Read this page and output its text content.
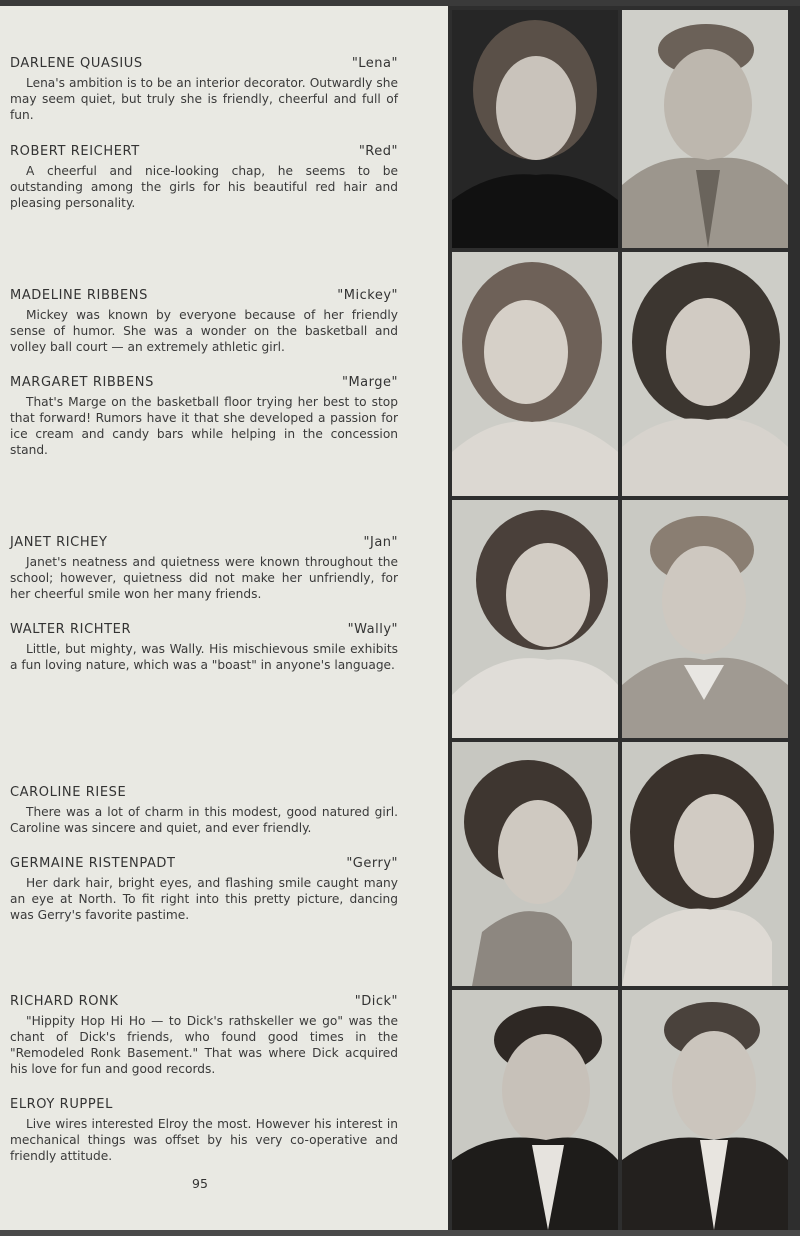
DARLENE QUASIUS	"Lena"

Lena's ambition is to be an interior decorator. Outwardly she may seem quiet, but truly she is friendly, cheerful and full of fun.

ROBERT REICHERT	"Red"

A cheerful and nice-looking chap, he seems to be outstanding among the girls for his beautiful red hair and pleasing personality.

MADELINE RIBBENS	"Mickey"

Mickey was known by everyone because of her friendly sense of humor. She was a wonder on the basketball and volley ball court — an extremely athletic girl.

MARGARET RIBBENS	"Marge"

That's Marge on the basketball floor trying her best to stop that forward! Rumors have it that she developed a passion for ice cream and candy bars while helping in the concession stand.

JANET RICHEY	"Jan"

Janet's neatness and quietness were known throughout the school; however, quietness did not make her unfriendly, for her cheerful smile won her many friends.

WALTER RICHTER	"Wally"

Little, but mighty, was Wally. His mischievous smile exhibits a fun loving nature, which was a "boast" in anyone's language.

CAROLINE RIESE

There was a lot of charm in this modest, good natured girl. Caroline was sincere and quiet, and ever friendly.

GERMAINE RISTENPADT	"Gerry"

Her dark hair, bright eyes, and flashing smile caught many an eye at North. To fit right into this pretty picture, dancing was Gerry's favorite pastime.

RICHARD RONK	"Dick"

"Hippity Hop Hi Ho — to Dick's rathskeller we go" was the chant of Dick's friends, who found good times in the "Remodeled Ronk Basement." That was where Dick acquired his love for fun and good records.

ELROY RUPPEL

Live wires interested Elroy the most. However his interest in mechanical things was offset by his very co-operative and friendly attitude.

95
